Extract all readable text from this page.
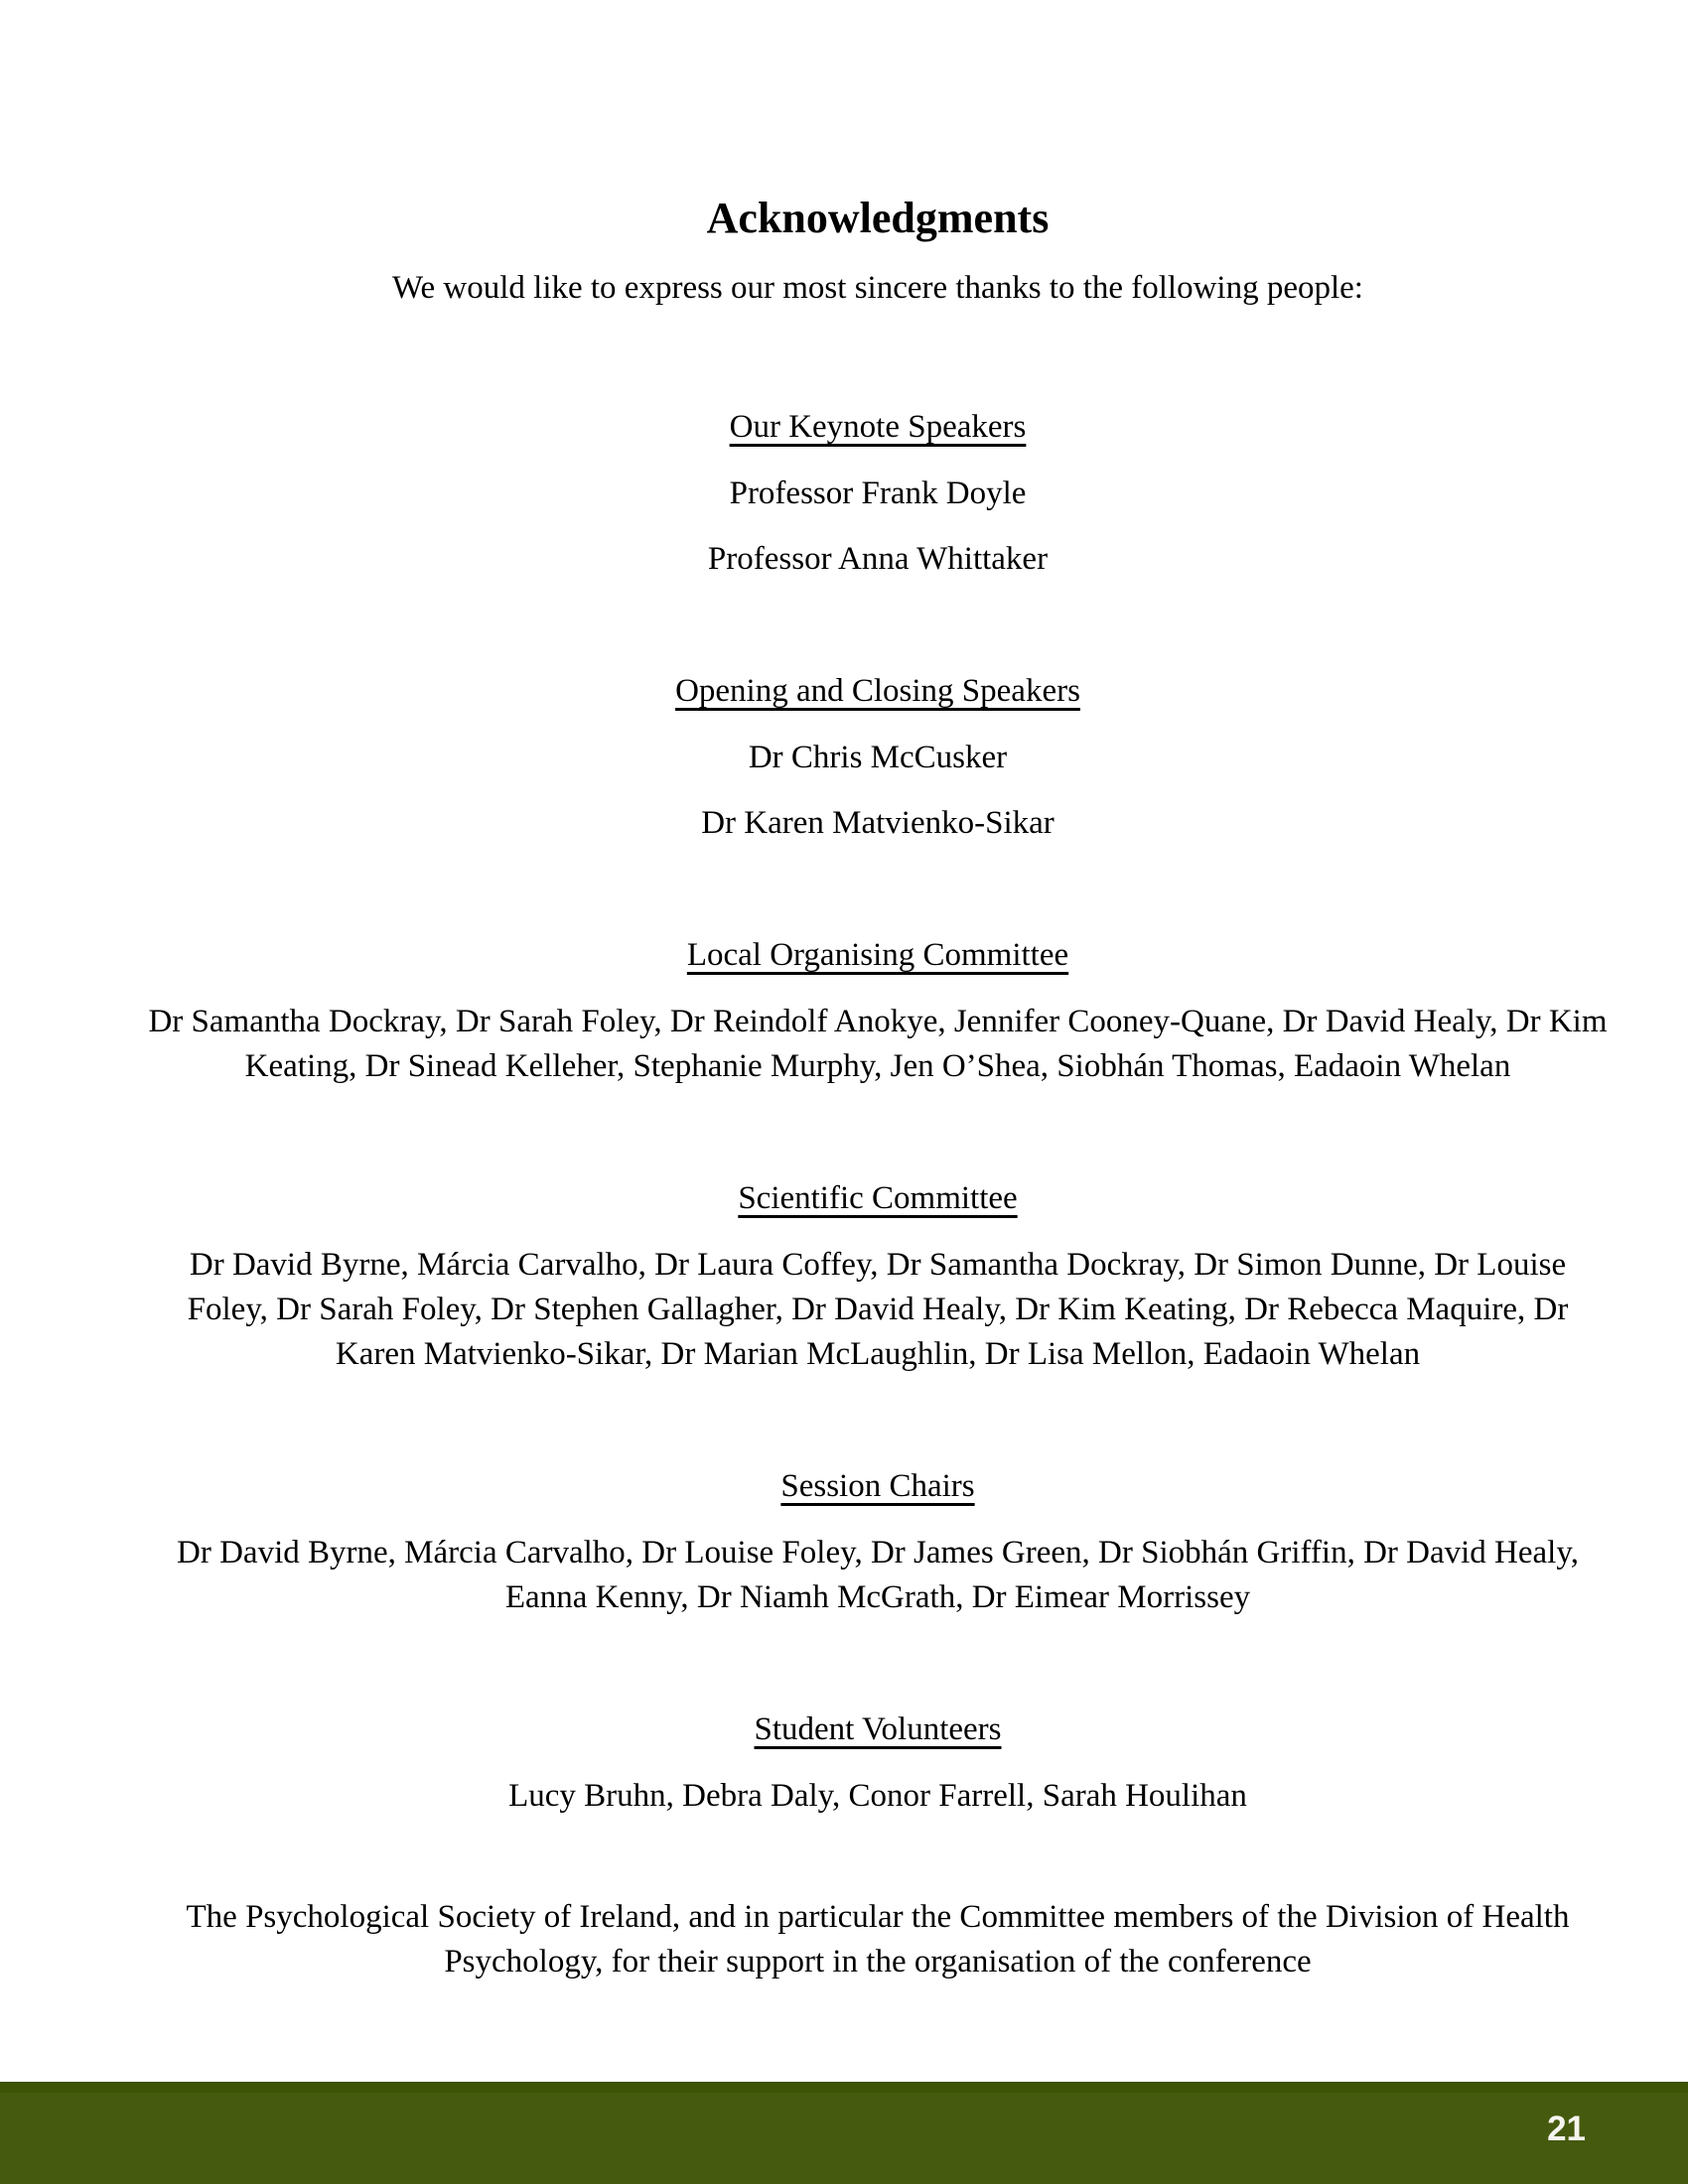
Acknowledgments

We would like to express our most sincere thanks to the following people:

Our Keynote Speakers

Professor Frank Doyle

Professor Anna Whittaker

Opening and Closing Speakers

Dr Chris McCusker

Dr Karen Matvienko-Sikar

Local Organising Committee

Dr Samantha Dockray, Dr Sarah Foley, Dr Reindolf Anokye, Jennifer Cooney-Quane, Dr David Healy, Dr Kim Keating, Dr Sinead Kelleher, Stephanie Murphy, Jen O’Shea, Siobhán Thomas, Eadaoin Whelan

Scientific Committee

Dr David Byrne, Márcia Carvalho, Dr Laura Coffey, Dr Samantha Dockray, Dr Simon Dunne, Dr Louise Foley, Dr Sarah Foley, Dr Stephen Gallagher, Dr David Healy, Dr Kim Keating, Dr Rebecca Maquire, Dr Karen Matvienko-Sikar, Dr Marian McLaughlin, Dr Lisa Mellon, Eadaoin Whelan

Session Chairs

Dr David Byrne, Márcia Carvalho, Dr Louise Foley, Dr James Green, Dr Siobhán Griffin, Dr David Healy, Eanna Kenny, Dr Niamh McGrath, Dr Eimear Morrissey

Student Volunteers

Lucy Bruhn, Debra Daly, Conor Farrell, Sarah Houlihan

The Psychological Society of Ireland, and in particular the Committee members of the Division of Health Psychology, for their support in the organisation of the conference

21
